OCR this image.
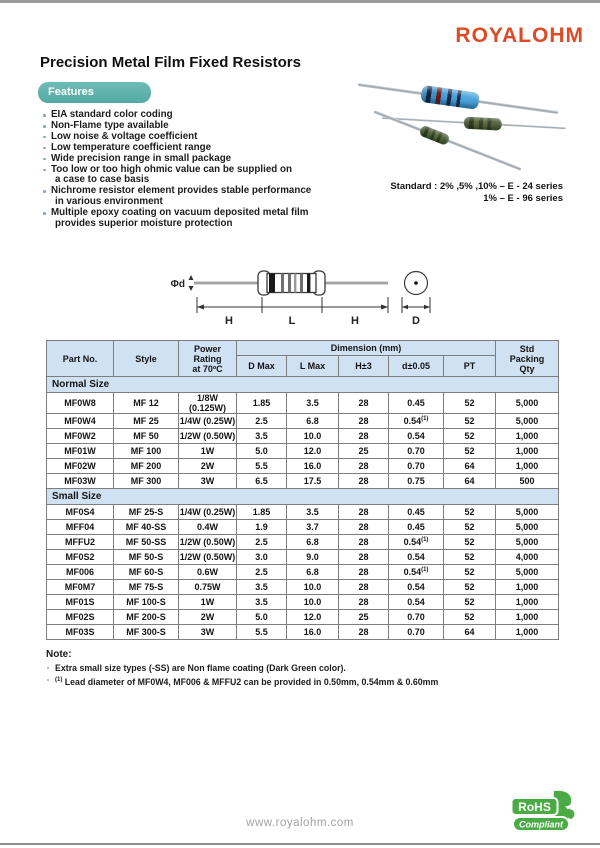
ROYALOHM
Precision Metal Film Fixed Resistors
Features
EIA standard color coding
Non-Flame type available
Low noise & voltage coefficient
Low temperature coefficient range
Wide precision range in small package
Too low or too high ohmic value can be supplied on
a case to case basis
Nichrome resistor element provides stable performance
in various environment
Multiple epoxy coating on vacuum deposited metal film
provides superior moisture protection
Standard : 2% ,5% ,10% – E - 24 series
1% – E - 96 series
Φd
H	L	H	D
Part No.	Style	Power
Rating
at 70ºC	Dimension (mm)					Std
Packing
Qty
			D Max	L Max	H±3	d±0.05	PT	
Normal Size								
MF0W8	MF 12	1/8W (0.125W)	1.85	3.5	28	0.45	52	5,000
MF0W4	MF 25	1/4W (0.25W)	2.5	6.8	28	0.54$^{(1)}$	52	5,000
MF0W2	MF 50	1/2W (0.50W)	3.5	10.0	28	0.54	52	1,000
MF01W	MF 100	1W	5.0	12.0	25	0.70	52	1,000
MF02W	MF 200	2W	5.5	16.0	28	0.70	64	1,000
MF03W	MF 300	3W	6.5	17.5	28	0.75	64	500
Small Size								
MF0S4	MF 25-S	1/4W (0.25W)	1.85	3.5	28	0.45	52	5,000
MFF04	MF 40-SS	0.4W	1.9	3.7	28	0.45	52	5,000
MFFU2	MF 50-SS	1/2W (0.50W)	2.5	6.8	28	0.54$^{(1)}$	52	5,000
MF0S2	MF 50-S	1/2W (0.50W)	3.0	9.0	28	0.54	52	4,000
MF006	MF 60-S	0.6W	2.5	6.8	28	0.54$^{(1)}$	52	5,000
MF0M7	MF 75-S	0.75W	3.5	10.0	28	0.54	52	1,000
MF01S	MF 100-S	1W	3.5	10.0	28	0.54	52	1,000
MF02S	MF 200-S	2W	5.0	12.0	25	0.70	52	1,000
MF03S	MF 300-S	3W	5.5	16.0	28	0.70	64	1,000
Note:
Extra small size types (-SS) are Non flame coating (Dark Green color).
$^{(1)}$ Lead diameter of MF0W4, MF006 & MFFU2 can be provided in 0.50mm, 0.54mm & 0.60mm
www.royalohm.com
RoHS
Compliant
